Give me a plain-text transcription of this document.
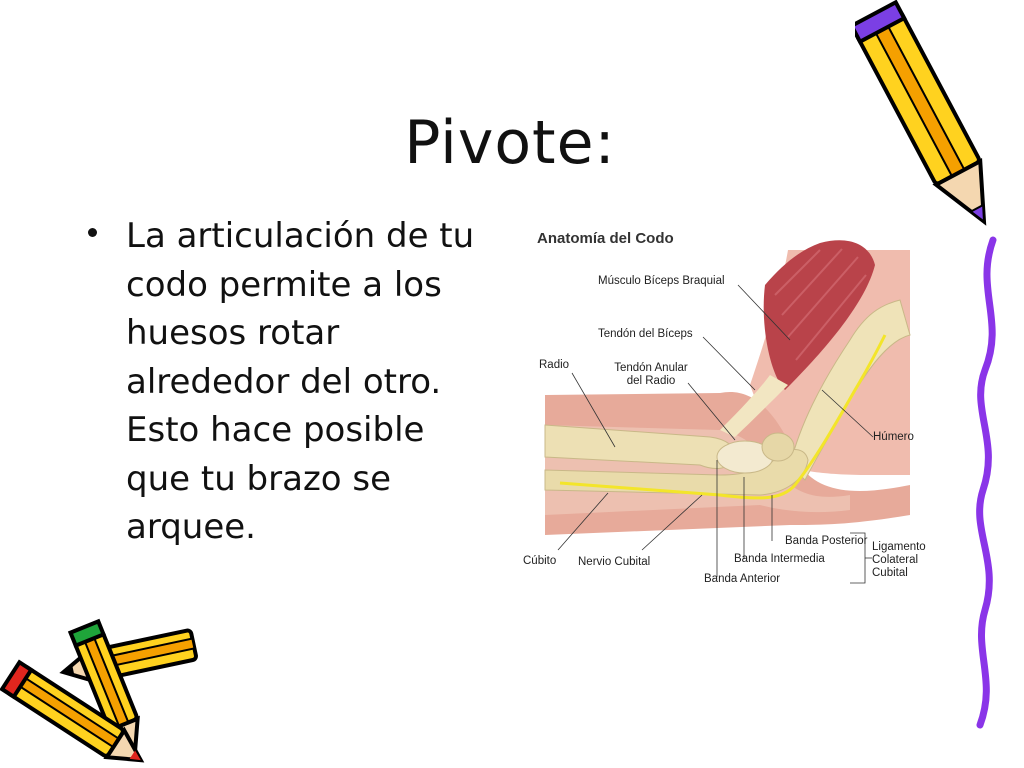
Pivote:
La articulación de tu codo permite a los huesos rotar alrededor del otro. Esto hace posible que tu brazo se arquee.
Anatomía del Codo
Músculo Bíceps Braquial
Tendón del Bíceps
Radio	Tendón Anular
del Radio
Húmero
Banda Posterior
Banda Intermedia
Banda Anterior
Cúbito Nervio Cubital
Ligamento
Colateral
Cubital
